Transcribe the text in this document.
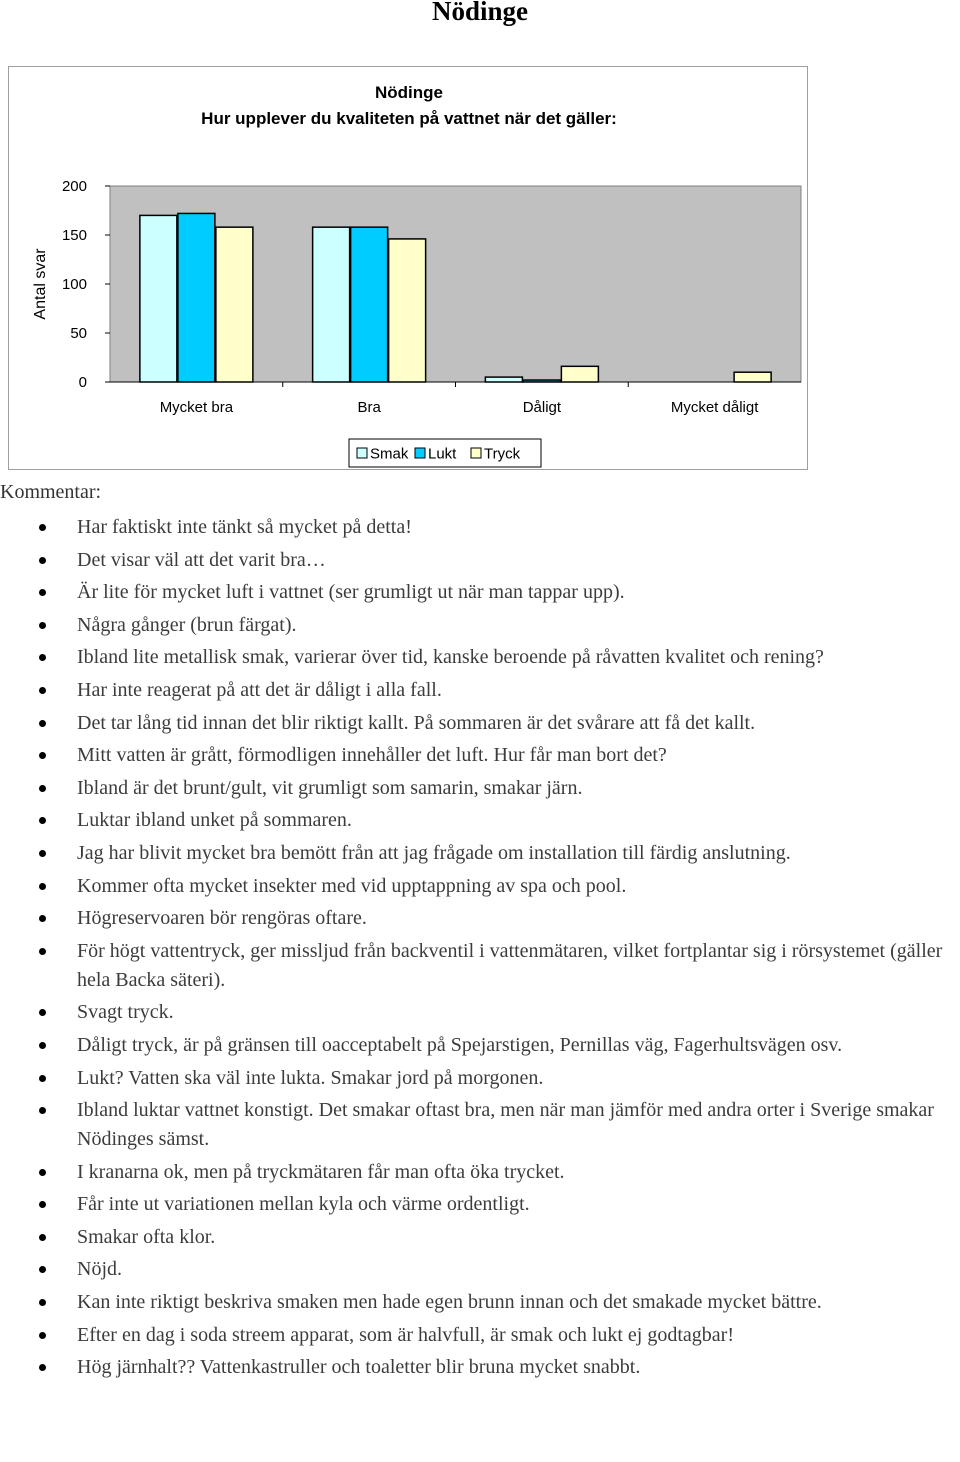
Nödinge
Nödinge
Hur upplever du kvaliteten på vattnet när det gäller:
Antal svar
0
50
100
150
200
Mycket bra	Bra	Dåligt	Mycket dåligt
Smak Lukt Tryck
Kommentar:
Har faktiskt inte tänkt så mycket på detta!
Det visar väl att det varit bra…
Är lite för mycket luft i vattnet (ser grumligt ut när man tappar upp).
Några gånger (brun färgat).
Ibland lite metallisk smak, varierar över tid, kanske beroende på råvatten kvalitet och rening?
Har inte reagerat på att det är dåligt i alla fall.
Det tar lång tid innan det blir riktigt kallt. På sommaren är det svårare att få det kallt.
Mitt vatten är grått, förmodligen innehåller det luft. Hur får man bort det?
Ibland är det brunt/gult, vit grumligt som samarin, smakar järn.
Luktar ibland unket på sommaren.
Jag har blivit mycket bra bemött från att jag frågade om installation till färdig anslutning.
Kommer ofta mycket insekter med vid upptappning av spa och pool.
Högreservoaren bör rengöras oftare.
För högt vattentryck, ger missljud från backventil i vattenmätaren, vilket fortplantar sig i rörsystemet (gäller hela Backa säteri).
Svagt tryck.
Dåligt tryck, är på gränsen till oacceptabelt på Spejarstigen, Pernillas väg, Fagerhultsvägen osv.
Lukt? Vatten ska väl inte lukta. Smakar jord på morgonen.
Ibland luktar vattnet konstigt. Det smakar oftast bra, men när man jämför med andra orter i Sverige smakar Nödinges sämst.
I kranarna ok, men på tryckmätaren får man ofta öka trycket.
Får inte ut variationen mellan kyla och värme ordentligt.
Smakar ofta klor.
Nöjd.
Kan inte riktigt beskriva smaken men hade egen brunn innan och det smakade mycket bättre.
Efter en dag i soda streem apparat, som är halvfull, är smak och lukt ej godtagbar!
Hög järnhalt?? Vattenkastruller och toaletter blir bruna mycket snabbt.
